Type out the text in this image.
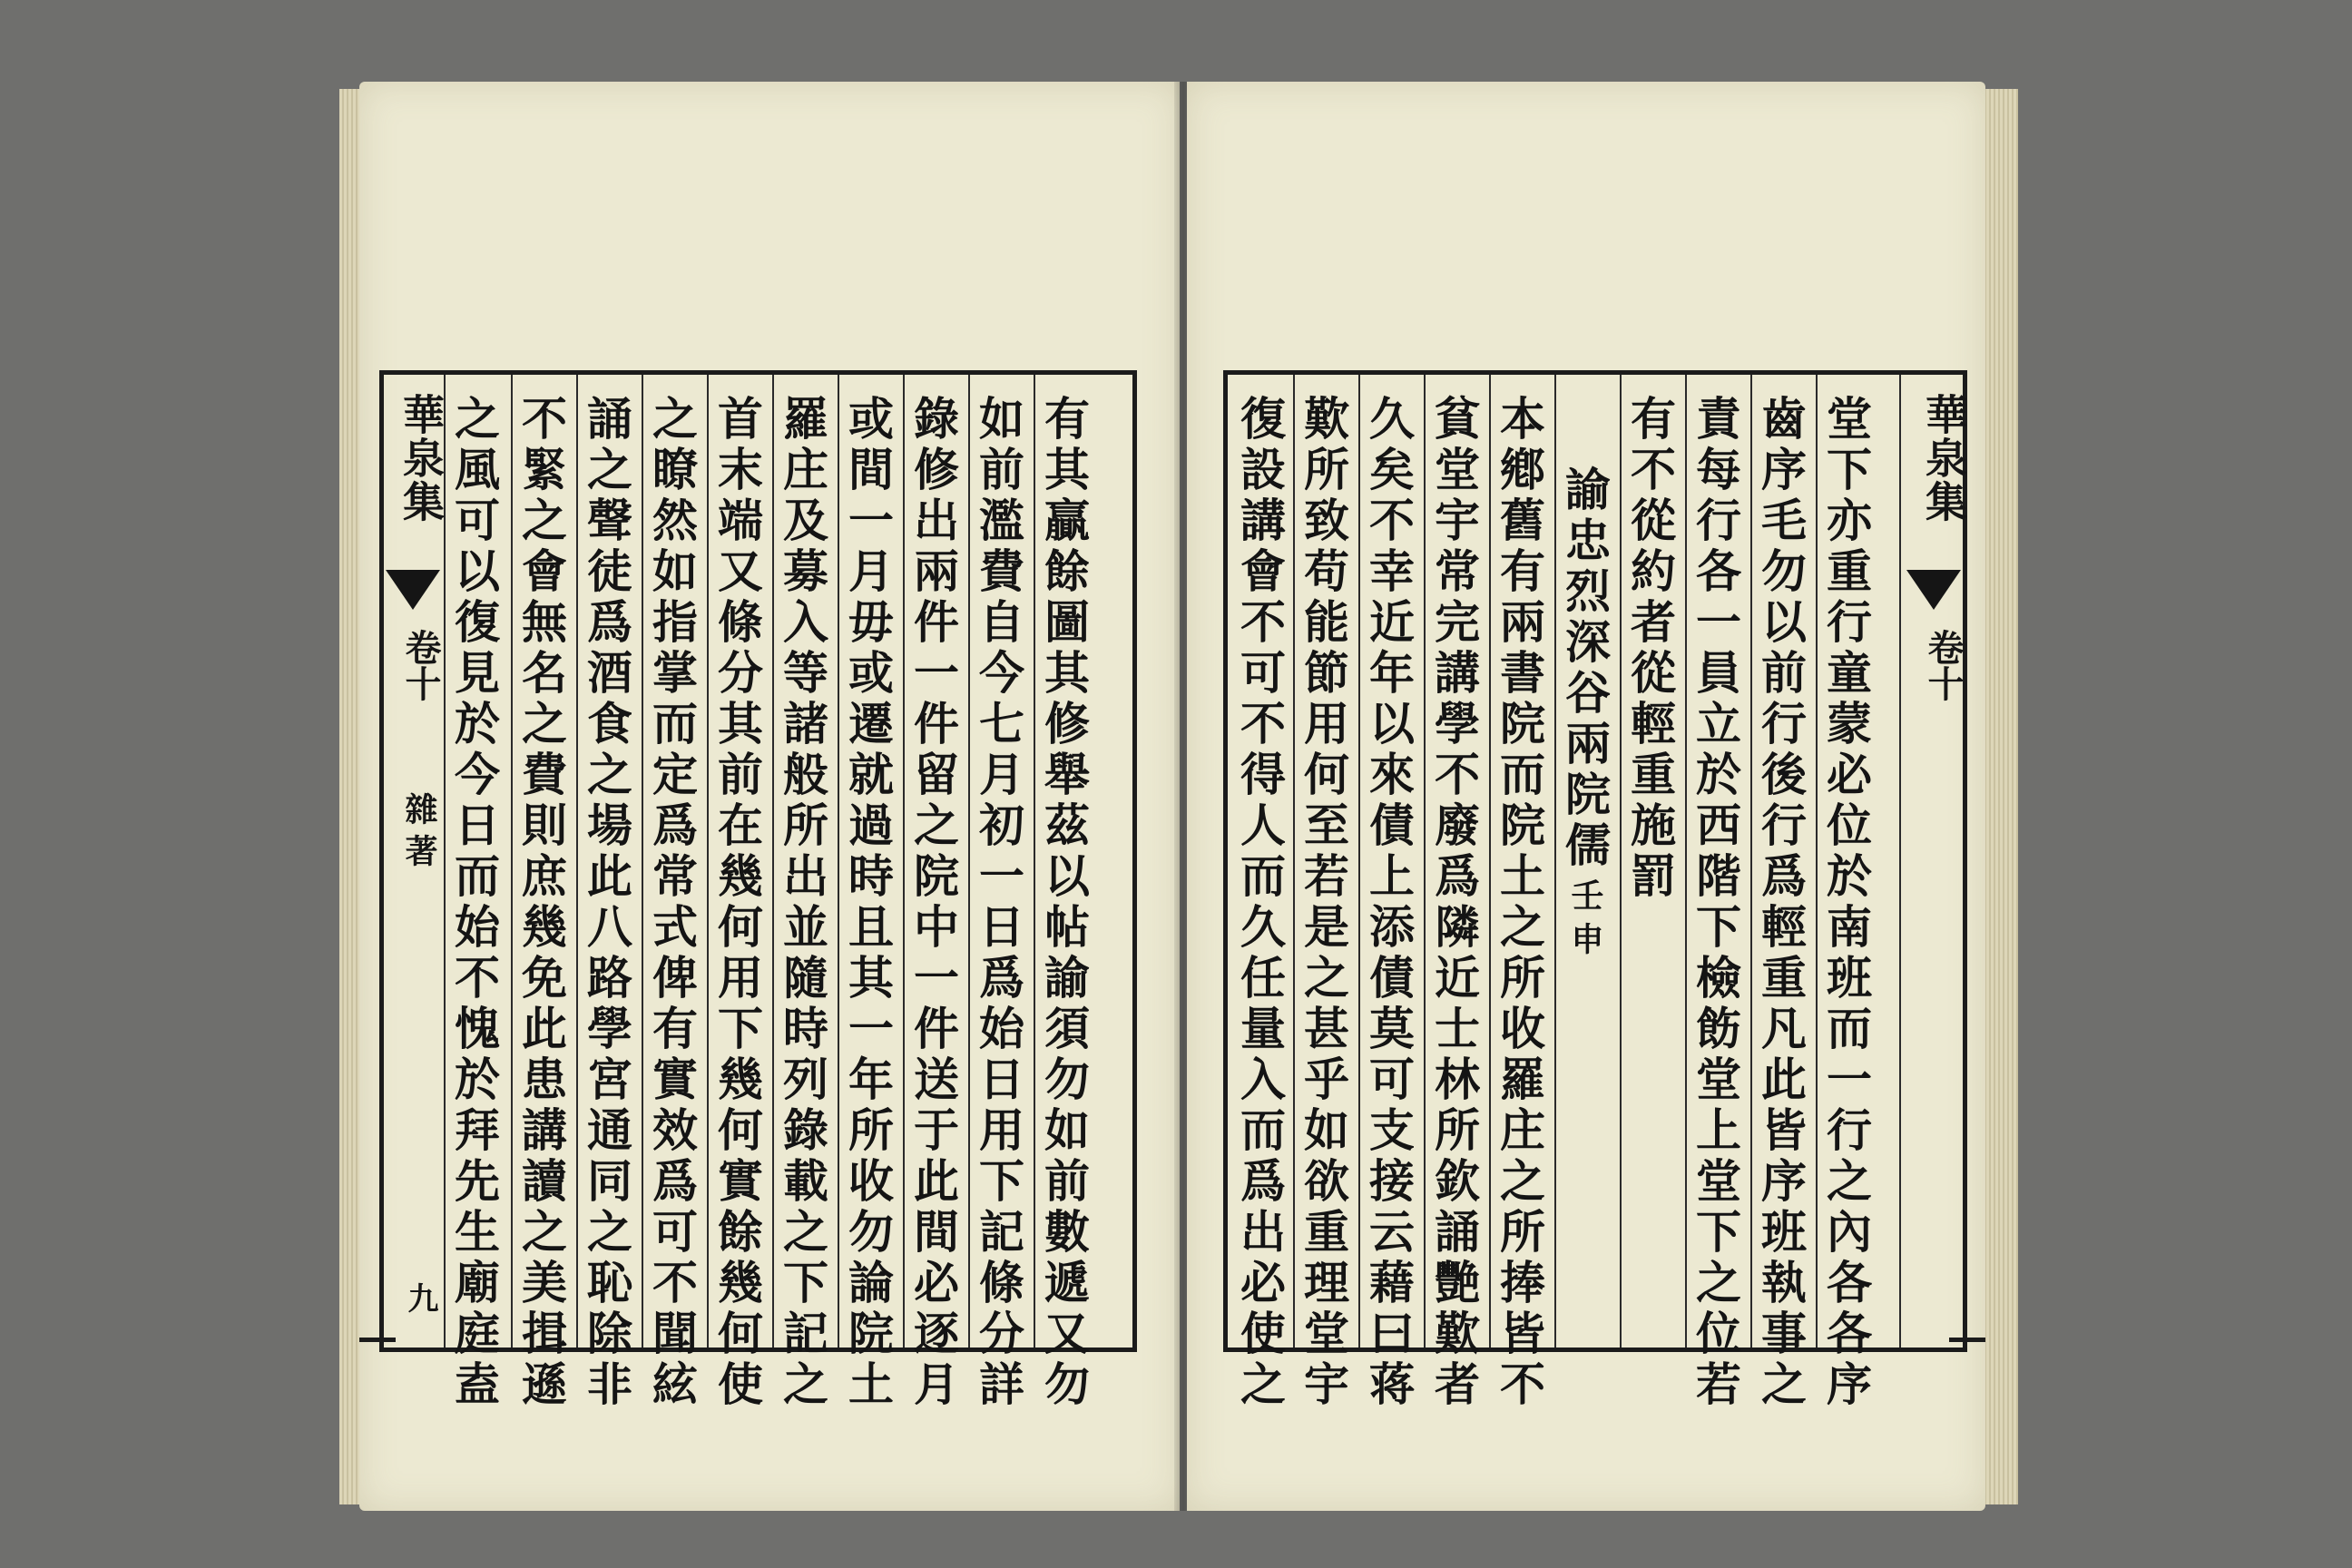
華泉集
卷十
雜著
九 之風可以復見於今日而始不愧於拜先生廟庭盍 不緊之會無名之費則庶幾免此患講讀之美揖遜 誦之聲徒爲酒食之場此八路學宮通同之恥除非 之瞭然如指掌而定爲常式俾有實效爲可不聞絃 首末端又條分其前在幾何用下幾何實餘幾何使 羅庄及募入等諸般所出並隨時列錄載之下記之 或間一月毋或遷就過時且其一年所收勿論院土 錄修出兩件一件留之院中一件送于此間必逐月 如前濫費自今七月初一日爲始日用下記條分詳 有其贏餘圖其修舉茲以帖諭須勿如前數遞又勿	復設講會不可不得人而久任量入而爲出必使之 歎所致苟能節用何至若是之甚乎如欲重理堂宇 久矣不幸近年以來債上添債莫可支接云藉曰蒋 貧堂宇常完講學不廢爲隣近士林所欽誦艷歎者 本鄕舊有兩書院而院土之所收羅庄之所捧皆不 諭忠烈深谷兩院儒
壬申
有不從約者從輕重施罰 責每行各一員立於西階下檢飭堂上堂下之位若 齒序毛勿以前行後行爲輕重凡此皆序班執事之 堂下亦重行童蒙必位於南班而一行之內各各序 華泉集
卷十
